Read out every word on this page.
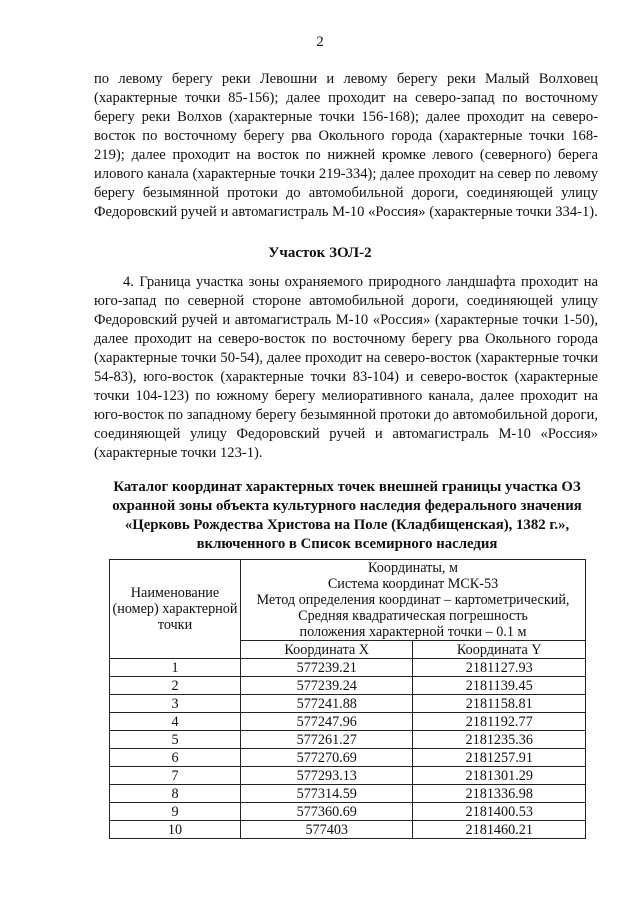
2

по левому берегу реки Левошни и левому берегу реки Малый Волховец (характерные точки 85-156); далее проходит на северо-запад по восточному берегу реки Волхов (характерные точки 156-168); далее проходит на северо-восток по восточному берегу рва Окольного города (характерные точки 168-219); далее проходит на восток по нижней кромке левого (северного) берега илового канала (характерные точки 219-334); далее проходит на север по левому берегу безымянной протоки до автомобильной дороги, соединяющей улицу Федоровский ручей и автомагистраль М-10 «Россия» (характерные точки 334-1).

Участок ЗОЛ-2

4. Граница участка зоны охраняемого природного ландшафта проходит на юго-запад по северной стороне автомобильной дороги, соединяющей улицу Федоровский ручей и автомагистраль М-10 «Россия» (характерные точки 1-50), далее проходит на северо-восток по восточному берегу рва Окольного города (характерные точки 50-54), далее проходит на северо-восток (характерные точки 54-83), юго-восток (характерные точки 83-104) и северо-восток (характерные точки 104-123) по южному берегу мелиоративного канала, далее проходит на юго-восток по западному берегу безымянной протоки до автомобильной дороги, соединяющей улицу Федоровский ручей и автомагистраль М-10 «Россия» (характерные точки 123-1).

Каталог координат характерных точек внешней границы участка ОЗ
охранной зоны объекта культурного наследия федерального значения
«Церковь Рождества Христова на Поле (Кладбищенская), 1382 г.»,
включенного в Список всемирного наследия

Наименование (номер) характерной точки	Координаты, м
Система координат МСК-53
Метод определения координат – картометрический,
Средняя квадратическая погрешность
положения характерной точки – 0.1 м	

	Координата X	Координата Y
1	577239.21	2181127.93
2	577239.24	2181139.45
3	577241.88	2181158.81
4	577247.96	2181192.77
5	577261.27	2181235.36
6	577270.69	2181257.91
7	577293.13	2181301.29
8	577314.59	2181336.98
9	577360.69	2181400.53
10	577403	2181460.21
